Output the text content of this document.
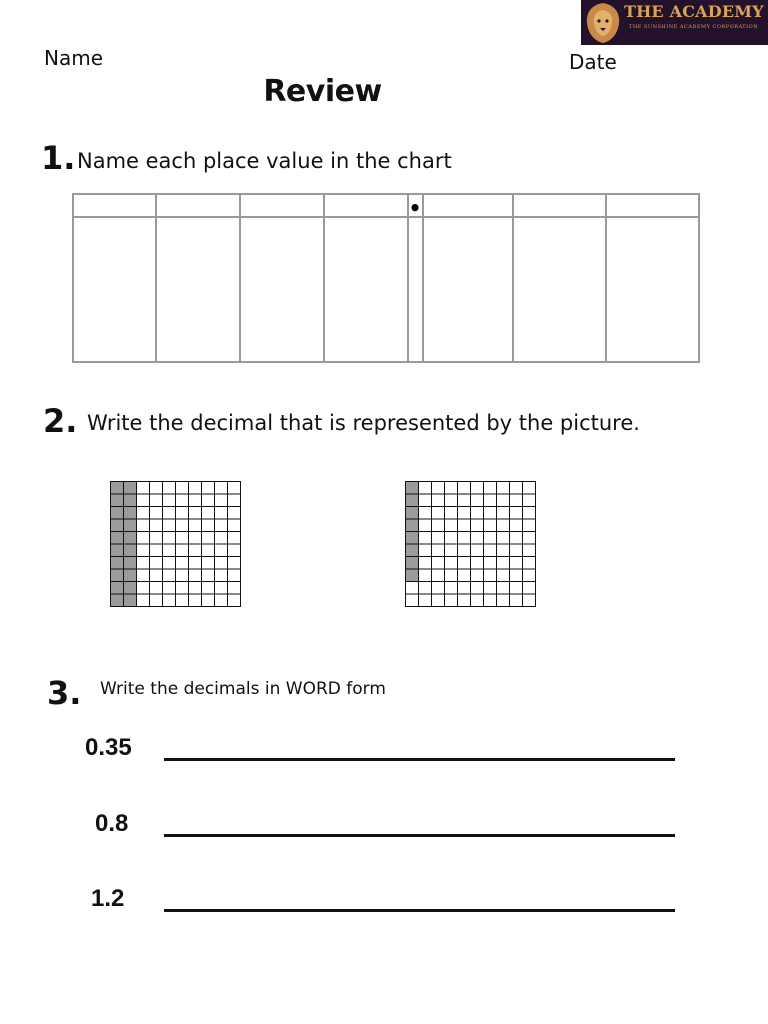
THE ACADEMY
THE SUNSHINE ACADEMY CORPORATION
Name	Date
Review
1. Name each place value in the chart
•
2. Write the decimal that is represented by the picture.
3. Write the decimals in WORD form
0.35
0.8
1.2
